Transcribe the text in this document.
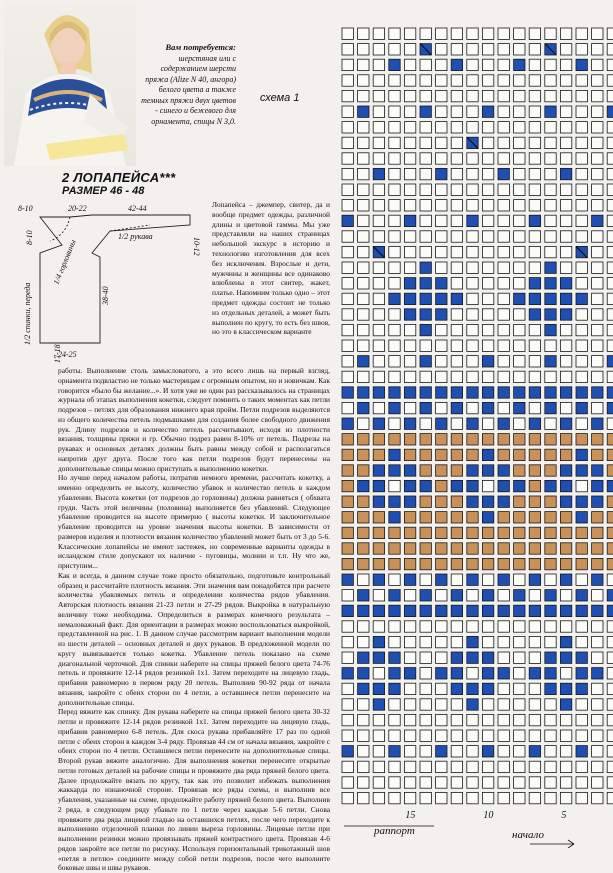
Вам потребуется: шерстяная или с содержанием шерсти пряжа (Alize N 40, ангора) белого цвета а также темных пряжи двух цветов - синего и бежевого для орнамента, спицы N 3,0.
схема 1
2 ЛОПАПЕЙСА***
РАЗМЕР 46 - 48
8-10	20-22	42-44
1/2 рукава
10-12
8-10
1/4 горловины
38-40
1/2 спинки, переда
17-18
24-25
Лопапейса – джемпер, свитер, да и вообще предмет одежды, различной длины и цветовой гаммы. Мы уже представляли на наших страницах небольшой экскурс в историю и технологию изготовления для всех без исключения. Взрослые и дети, мужчины и женщины все одинаково влюблены в этот свитер, жакет, платье. Напомним только одно – этот предмет одежды состоит не только из отдельных деталей, а может быть выполнен по кругу, то есть без швов, но это в классическом варианте

работы. Выполнение столь замысловатого, а это всего лишь на первый взгляд, орнамента подвластно не только мастерицам с огромным опытом, но и новичкам. Как говорится «было бы желание...». И хотя уже не один раз рассказывалось на страницах журнала об этапах выполнения кокетки, следует помнить о таких моментах как петли подрезов – петлях для образования нижнего края пройм. Петли подрезов выделяются из общего количества петель подмышками для создания более свободного движения рук. Длину подрезов и количество петель рассчитывают, исходя из плотности вязания, толщины пряжи и гр. Обычно подрез равен 8-10% от петель. Подрезы на рукавах и основных деталях должны быть равны между собой и располагаться напротив друг друга. После того как петли подрезов будут перенесены на дополнительные спицы можно приступать к выполнению кокетки.

Но лучше перед началом работы, потратив немного времени, рассчитать кокетку, а именно определить ее высоту, количество убавок и количество петель в каждом убавлении. Высота кокетки (от подрезов до горловины) должна равняться ( обхвата груди. Часть этой величины (половина) выполняется без убавлений. Следующее убавление проводится на высоте примерно ( высоты кокетки. И заключительное убавление проводится на уровне значения высоты кокетки. В зависимости от размеров изделия и плотности вязания количество убавлений может быть от 3 до 5-6. Классические лопапейсы не имеют застежек, но современные варианты одежды в исландском стиле допускают их наличие - пуговицы, молнии и т.п. Ну что же, приступим...

Как и всегда, в данном случае тоже просто обязательно, подготовьте контрольный образец и рассчитайте плотность вязания. Эти значения вам понадобятся при расчете количества убавляемых петель и определении количества рядов убавления. Авторская плотность вязания 21-23 петли и 27-29 рядов. Выкройка в натуральную величину тоже необходима. Определиться в размерах конечного результата – немаловажный факт. Для ориентации в размерах можно воспользоваться выкройкой, представленной на рис. 1. В данном случае рассмотрим вариант выполнения модели из шести деталей – основных деталей и двух рукавов. В предложенной модели по кругу вывязывается только кокетка. Убавление петель показано на схеме диагональной черточкой. Для спинки наберите на спицы пряжей белого цвета 74-76 петель и провяжите 12-14 рядов резинкой 1х1. Затем переходите на лицевую гладь, прибавив равномерно в первом ряду 20 петель. Выполнив 90-92 ряда от начала вязания, закройте с обеих сторон по 4 петли, а оставшиеся петли перенесите на дополнительные спицы.

Перед вяжите как спинку. Для рукава наберите на спицы пряжей белого цвета 30-32 петли и провяжите 12-14 рядов резинкой 1х1. Затем переходите на лицевую гладь, прибавив равномерно 6-8 петель. Для скоса рукава прибавляйте 17 раз по одной петле с обеих сторон в каждом 3-4 ряду. Провязав 44 см от начала вязания, закройте с обеих сторон по 4 петли. Оставшиеся петли перенесите на дополнительные спицы. Второй рукав вяжите аналогично. Для выполнения кокетки перенесите открытые петли готовых деталей на рабочие спицы и провяжите два ряда пряжей белого цвета. Далее продолжайте вязать по кругу, так как это позволит избежать выполнения жаккарда по изнаночной стороне. Провязав все ряды схемы, и выполнив все убавления, указанные на схеме, продолжайте работу пряжей белого цвета. Выполнив 2 ряда, в следующем ряду убавьте по 1 петле через каждые 5-6 петли. Снова провяжите два ряда лицевой гладью на оставшихся петлях, после чего переходите к выполнению отделочной планки по линии выреза горловины. Лицевые петли при выполнении резинки можно провязывать пряжей контрастного цвета. Провязав 4-6 рядов закройте все петли по рисунку. Используя горизонтальный трикотажный шов «петля в петлю» соедините между собой петли подрезов, после чего выполните боковые швы и швы рукавов.

15	10	5
раппорт	начало
